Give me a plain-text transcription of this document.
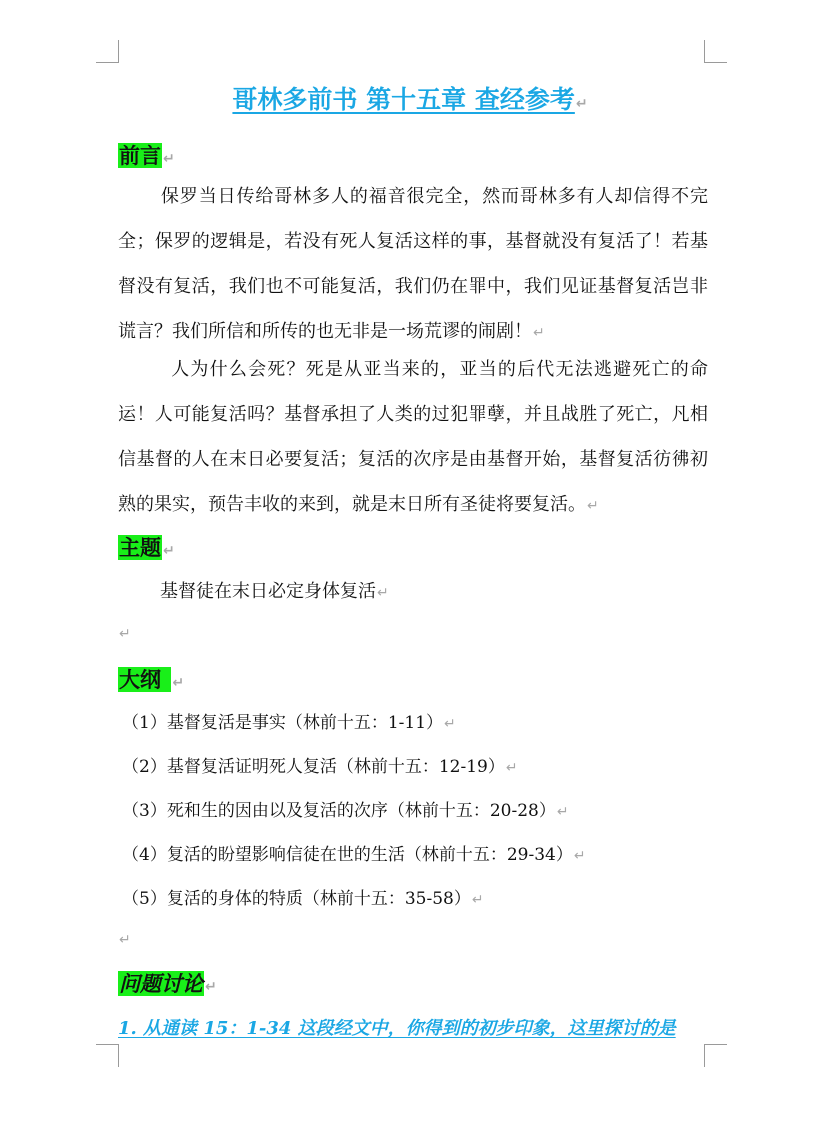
哥林多前书 第十五章 查经参考↵
前言 ↵
保罗当日传给哥林多人的福音很完全，然而哥林多有人却信得不完全；保罗的逻辑是，若没有死人复活这样的事，基督就没有复活了！若基督没有复活，我们也不可能复活，我们仍在罪中，我们见证基督复活岂非谎言？我们所信和所传的也无非是一场荒谬的闹剧！↵
人为什么会死？死是从亚当来的，亚当的后代无法逃避死亡的命运！人可能复活吗？基督承担了人类的过犯罪孽，并且战胜了死亡，凡相信基督的人在末日必要复活；复活的次序是由基督开始，基督复活彷彿初熟的果实，预告丰收的来到，就是末日所有圣徒将要复活。↵
主题 ↵
基督徒在末日必定身体复活↵
↵
大纲 ↵
（1）基督复活是事实（林前十五：1-11）↵
（2）基督复活证明死人复活（林前十五：12-19）↵
（3）死和生的因由以及复活的次序（林前十五：20-28）↵
（4）复活的盼望影响信徒在世的生活（林前十五：29-34）↵
（5）复活的身体的特质（林前十五：35-58）↵
↵
问题讨论 ↵
1. 从通读 15：1-34 这段经文中，你得到的初步印象，这里探讨的是
